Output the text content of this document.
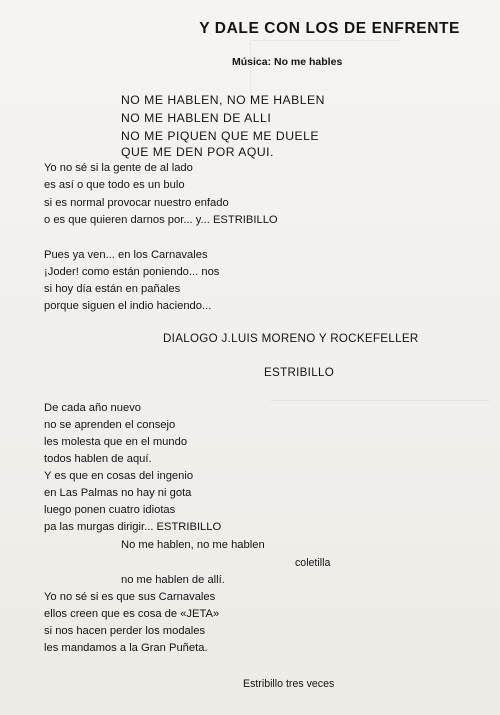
Y DALE CON LOS DE ENFRENTE
Música: No me hables
NO ME HABLEN, NO ME HABLEN
NO ME HABLEN DE ALLI
NO ME PIQUEN QUE ME DUELE
QUE ME DEN POR AQUI.
Yo no sé si la gente de al lado
es así o que todo es un bulo
si es normal provocar nuestro enfado
o es que quieren darnos por... y... ESTRIBILLO
Pues ya ven... en los Carnavales
¡Joder! como están poniendo... nos
si hoy día están en pañales
porque siguen el indio haciendo...
DIALOGO J.LUIS MORENO Y ROCKEFELLER
ESTRIBILLO
De cada año nuevo
no se aprenden el consejo
les molesta que en el mundo
todos hablen de aquí.
Y es que en cosas del ingenio
en Las Palmas no hay ni gota
luego ponen cuatro idiotas
pa las murgas dirigir... ESTRIBILLO
No me hablen, no me hablen
coletilla
no me hablen de allí.
Yo no sé si es que sus Carnavales
ellos creen que es cosa de «JETA»
si nos hacen perder los modales
les mandamos a la Gran Puñeta.
Estribillo tres veces
